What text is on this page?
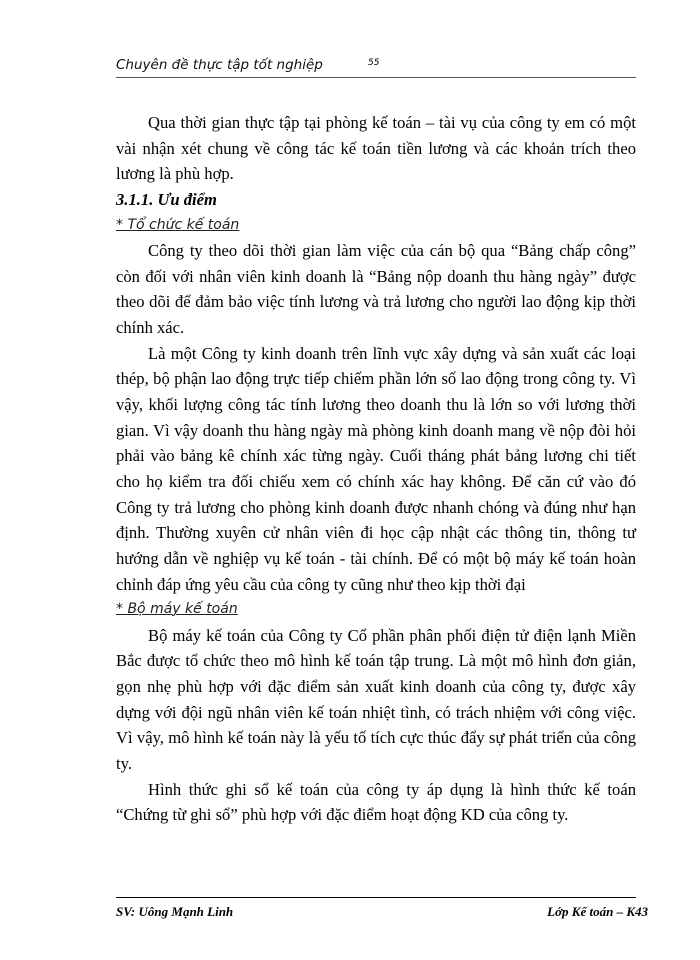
Chuyên đề thực tập tốt nghiệp	55
Qua thời gian thực tập tại phòng kế toán – tài vụ của công ty em có một
vài nhận xét chung về công tác kế toán tiền lương và các khoản trích theo
lương là phù hợp.
3.1.1. Ưu điểm
* Tổ chức kế toán
Công ty theo dõi thời gian làm việc của cán bộ qua “Bảng chấp công”
còn đối với nhân viên kinh doanh là “Bảng nộp doanh thu hàng ngày” được
theo dõi để đảm bảo việc tính lương và trả lương cho người lao động kịp thời
chính xác.
Là một Công ty kinh doanh trên lĩnh vực xây dựng và sản xuất các loại
thép, bộ phận lao động trực tiếp chiếm phần lớn số lao động trong công ty. Vì
vậy, khối lượng công tác tính lương theo doanh thu là lớn so với lương thời
gian. Vì vậy doanh thu hàng ngày mà phòng kinh doanh mang về nộp đòi hỏi
phải vào bảng kê chính xác từng ngày. Cuối tháng phát bảng lương chi tiết
cho họ kiểm tra đối chiếu xem có chính xác hay không. Để căn cứ vào đó
Công ty trả lương cho phòng kinh doanh được nhanh chóng và đúng như hạn
định. Thường xuyên cử nhân viên đi học cập nhật các thông tin, thông tư
hướng dẫn về nghiệp vụ kế toán - tài chính. Để có một bộ máy kế toán hoàn
chỉnh đáp ứng yêu cầu của công ty cũng như theo kịp thời đại
* Bộ máy kế toán
Bộ máy kế toán của Công ty Cổ phần phân phối điện tử điện lạnh Miền
Bắc được tổ chức theo mô hình kế toán tập trung. Là một mô hình đơn giản,
gọn nhẹ phù hợp với đặc điểm sản xuất kinh doanh của công ty, được xây
dựng với đội ngũ nhân viên kế toán nhiệt tình, có trách nhiệm với công việc.
Vì vậy, mô hình kế toán này là yếu tố tích cực thúc đẩy sự phát triển của công
ty.
Hình thức ghi sổ kế toán của công ty áp dụng là hình thức kế toán
“Chứng từ ghi sổ” phù hợp với đặc điểm hoạt động KD của công ty.
SV: Uông Mạnh Linh	Lớp Kế toán – K43
